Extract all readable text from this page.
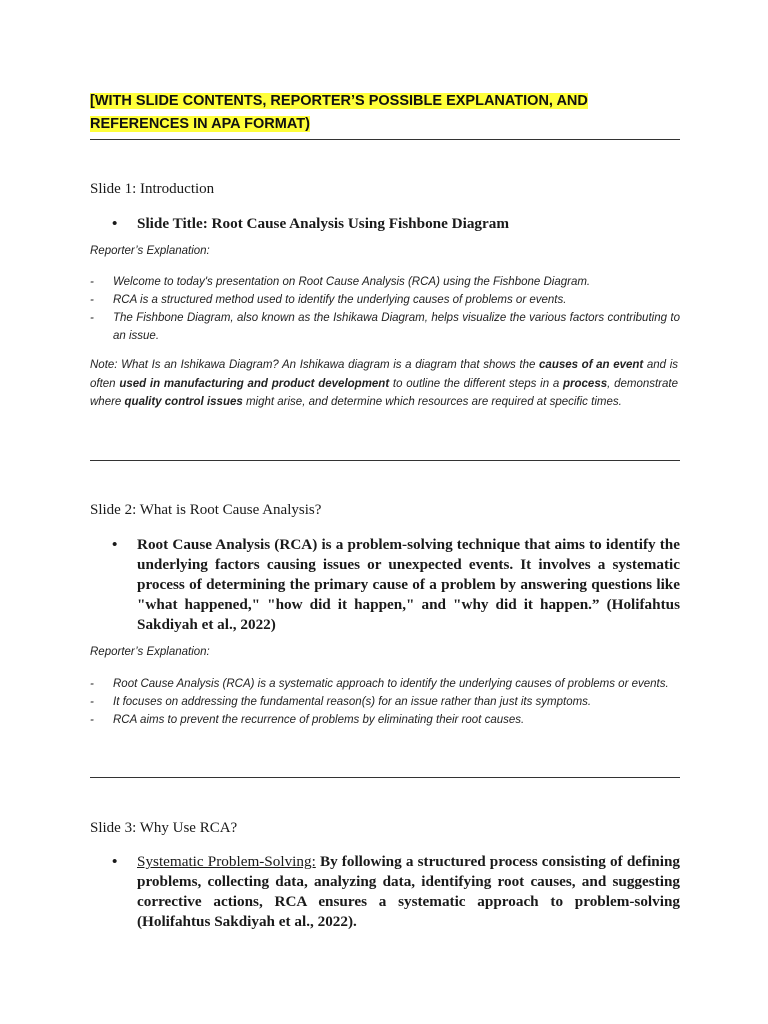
[WITH SLIDE CONTENTS, REPORTER’S POSSIBLE EXPLANATION, AND REFERENCES IN APA FORMAT)
Slide 1: Introduction
• Slide Title: Root Cause Analysis Using Fishbone Diagram
Reporter’s Explanation:
- Welcome to today's presentation on Root Cause Analysis (RCA) using the Fishbone Diagram.
- RCA is a structured method used to identify the underlying causes of problems or events.
- The Fishbone Diagram, also known as the Ishikawa Diagram, helps visualize the various factors contributing to an issue.
Note: What Is an Ishikawa Diagram? An Ishikawa diagram is a diagram that shows the causes of an event and is often used in manufacturing and product development to outline the different steps in a process, demonstrate where quality control issues might arise, and determine which resources are required at specific times.
Slide 2: What is Root Cause Analysis?
• Root Cause Analysis (RCA) is a problem-solving technique that aims to identify the underlying factors causing issues or unexpected events. It involves a systematic process of determining the primary cause of a problem by answering questions like "what happened," "how did it happen," and "why did it happen.” (Holifahtus Sakdiyah et al., 2022)
Reporter’s Explanation:
- Root Cause Analysis (RCA) is a systematic approach to identify the underlying causes of problems or events.
- It focuses on addressing the fundamental reason(s) for an issue rather than just its symptoms.
- RCA aims to prevent the recurrence of problems by eliminating their root causes.
Slide 3: Why Use RCA?
• Systematic Problem-Solving: By following a structured process consisting of defining problems, collecting data, analyzing data, identifying root causes, and suggesting corrective actions, RCA ensures a systematic approach to problem-solving (Holifahtus Sakdiyah et al., 2022).
